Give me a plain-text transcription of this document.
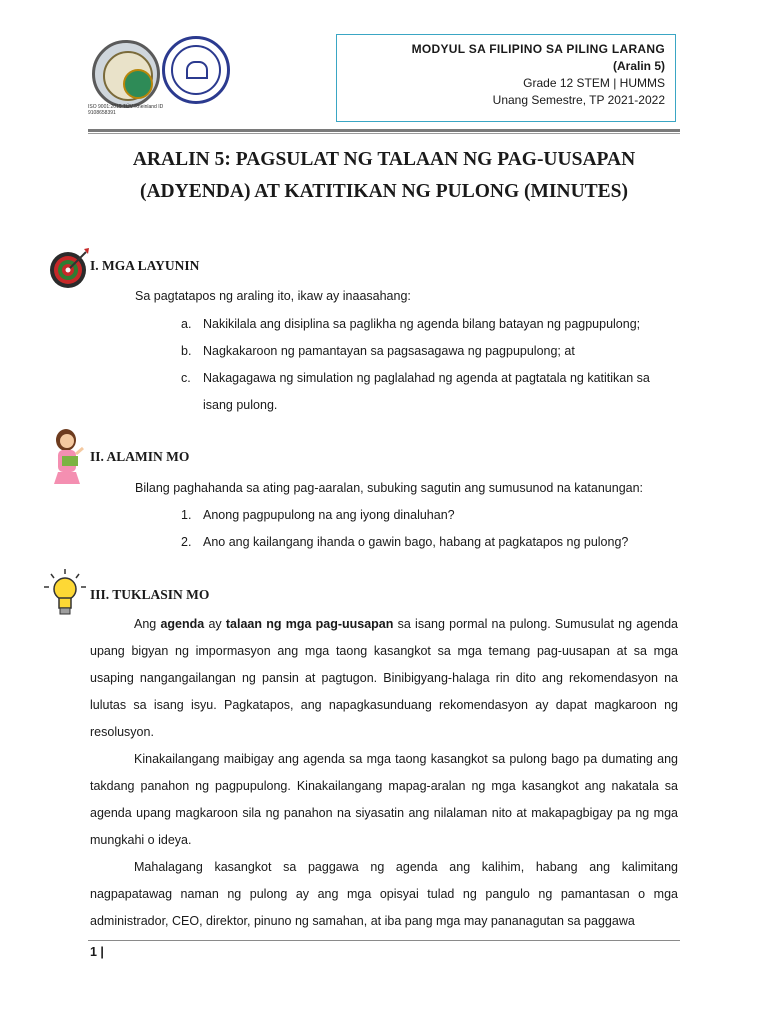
ISO 9001:2015 TÜV Rheinland ID 9108658391
MODYUL SA FILIPINO SA PILING LARANG
(Aralin 5)
Grade 12 STEM | HUMMS
Unang Semestre, TP 2021-2022
ARALIN 5: PAGSULAT NG TALAAN NG PAG-UUSAPAN
(ADYENDA) AT KATITIKAN NG PULONG (MINUTES)
I. MGA LAYUNIN
Sa pagtatapos ng araling ito, ikaw ay inaasahang:
a. Nakikilala ang disiplina sa paglikha ng agenda bilang batayan ng pagpupulong;
b. Nagkakaroon ng pamantayan sa pagsasagawa ng pagpupulong; at
c. Nakagagawa ng simulation ng paglalahad ng agenda at pagtatala ng katitikan sa
isang pulong.
II. ALAMIN MO
Bilang paghahanda sa ating pag-aaralan, subuking sagutin ang sumusunod na katanungan:
1. Anong pagpupulong na ang iyong dinaluhan?
2. Ano ang kailangang ihanda o gawin bago, habang at pagkatapos ng pulong?
III. TUKLASIN MO
Ang agenda ay talaan ng mga pag-uusapan sa isang pormal na pulong. Sumusulat ng agenda upang bigyan ng impormasyon ang mga taong kasangkot sa mga temang pag-uusapan at sa mga usaping nangangailangan ng pansin at pagtugon. Binibigyang-halaga rin dito ang rekomendasyon na lulutas sa isang isyu. Pagkatapos, ang napagkasunduang rekomendasyon ay dapat magkaroon ng resolusyon.
Kinakailangang maibigay ang agenda sa mga taong kasangkot sa pulong bago pa dumating ang takdang panahon ng pagpupulong. Kinakailangang mapag-aralan ng mga kasangkot ang nakatala sa agenda upang magkaroon sila ng panahon na siyasatin ang nilalaman nito at makapagbigay pa ng mga mungkahi o ideya.
Mahalagang kasangkot sa paggawa ng agenda ang kalihim, habang ang kalimitang nagpapatawag naman ng pulong ay ang mga opisyai tulad ng pangulo ng pamantasan o mga administrador, CEO, direktor, pinuno ng samahan, at iba pang mga may pananagutan sa paggawa
1 |
